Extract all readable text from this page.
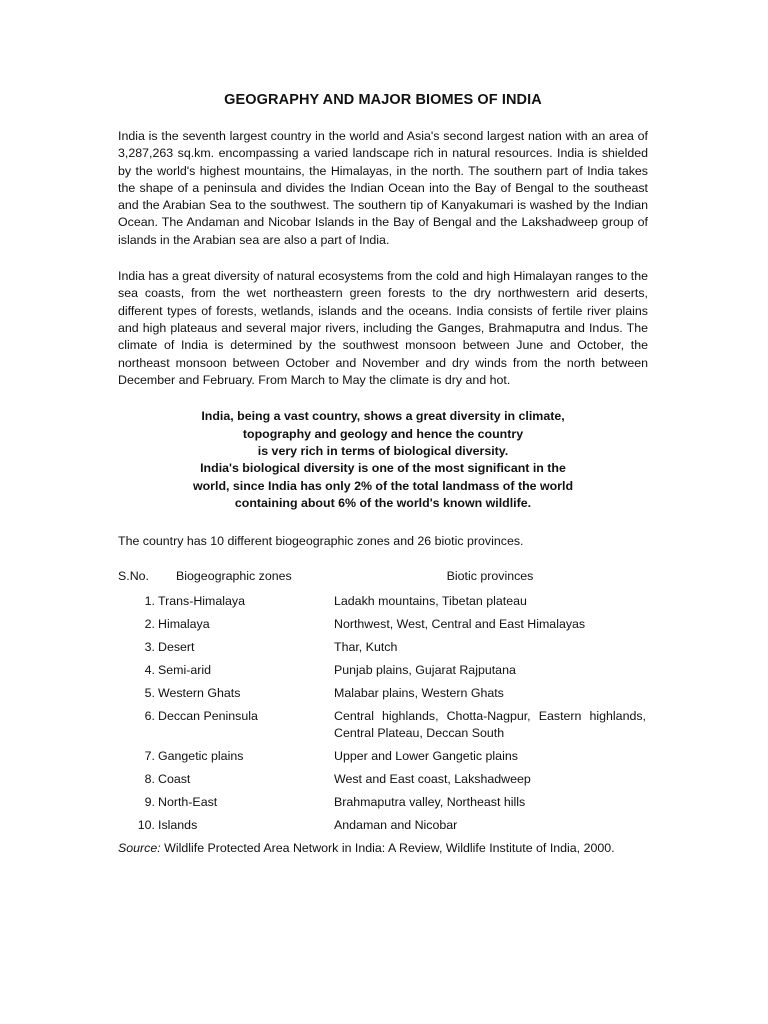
GEOGRAPHY AND MAJOR BIOMES OF INDIA

India is the seventh largest country in the world and Asia's second largest nation with an area of 3,287,263 sq.km. encompassing a varied landscape rich in natural resources. India is shielded by the world's highest mountains, the Himalayas, in the north. The southern part of India takes the shape of a peninsula and divides the Indian Ocean into the Bay of Bengal to the southeast and the Arabian Sea to the southwest. The southern tip of Kanyakumari is washed by the Indian Ocean. The Andaman and Nicobar Islands in the Bay of Bengal and the Lakshadweep group of islands in the Arabian sea are also a part of India.

India has a great diversity of natural ecosystems from the cold and high Himalayan ranges to the sea coasts, from the wet northeastern green forests to the dry northwestern arid deserts, different types of forests, wetlands, islands and the oceans. India consists of fertile river plains and high plateaus and several major rivers, including the Ganges, Brahmaputra and Indus. The climate of India is determined by the southwest monsoon between June and October, the northeast monsoon between October and November and dry winds from the north between December and February. From March to May the climate is dry and hot.

India, being a vast country, shows a great diversity in climate,
topography and geology and hence the country
is very rich in terms of biological diversity.
India's biological diversity is one of the most significant in the
world, since India has only 2% of the total landmass of the world
containing about 6% of the world's known wildlife.

The country has 10 different biogeographic zones and 26 biotic provinces.

S.No.	Biogeographic zones	Biotic provinces
1.	Trans-Himalaya	Ladakh mountains, Tibetan plateau
2.	Himalaya	Northwest, West, Central and East Himalayas
3.	Desert	Thar, Kutch
4.	Semi-arid	Punjab plains, Gujarat Rajputana
5.	Western Ghats	Malabar plains, Western Ghats
6.	Deccan Peninsula	Central highlands, Chotta-Nagpur, Eastern highlands, Central Plateau, Deccan South
7.	Gangetic plains	Upper and Lower Gangetic plains
8.	Coast	West and East coast, Lakshadweep
9.	North-East	Brahmaputra valley, Northeast hills
10.	Islands	Andaman and Nicobar

Source: Wildlife Protected Area Network in India: A Review, Wildlife Institute of India, 2000.
